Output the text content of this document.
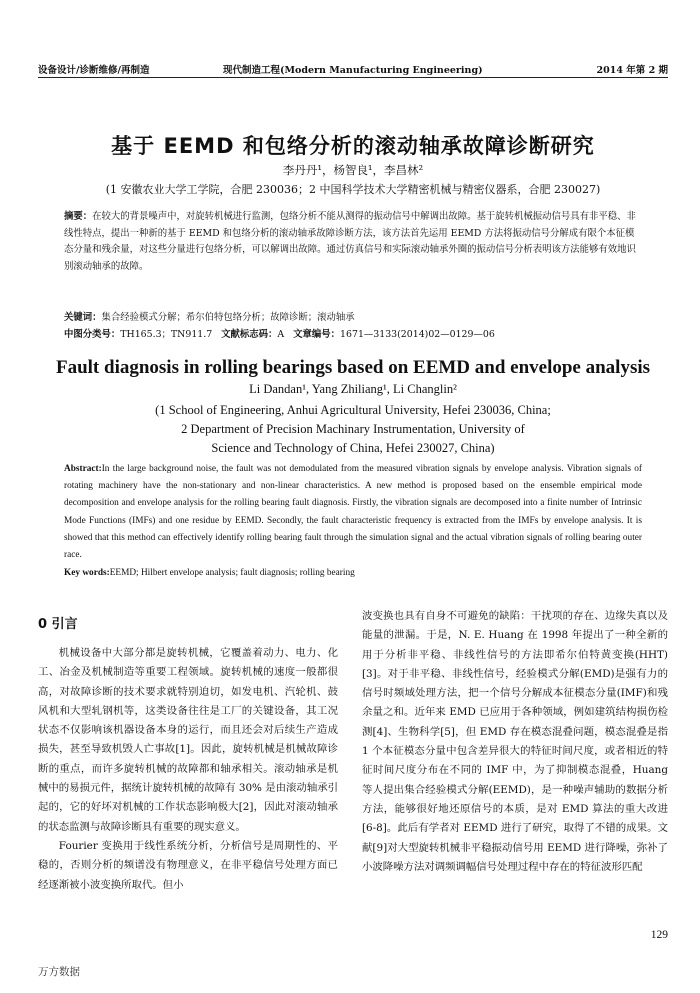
设备设计/诊断维修/再制造	现代制造工程(Modern Manufacturing Engineering)	2014 年第 2 期
基于 EEMD 和包络分析的滚动轴承故障诊断研究
李丹丹¹，杨智良¹，李昌林²
(1 安徽农业大学工学院，合肥 230036；2 中国科学技术大学精密机械与精密仪器系，合肥 230027)
摘要：在较大的背景噪声中，对旋转机械进行监测，包络分析不能从测得的振动信号中解调出故障。基于旋转机械振动信号具有非平稳、非线性特点，提出一种新的基于 EEMD 和包络分析的滚动轴承故障诊断方法，该方法首先运用 EEMD 方法将振动信号分解成有限个本征模态分量和残余量，对这些分量进行包络分析，可以解调出故障。通过仿真信号和实际滚动轴承外圈的振动信号分析表明该方法能够有效地识别滚动轴承的故障。
关键词：集合经验模式分解；希尔伯特包络分析；故障诊断；滚动轴承
中图分类号：TH165.3；TN911.7 文献标志码：A 文章编号：1671—3133(2014)02—0129—06
Fault diagnosis in rolling bearings based on EEMD and envelope analysis
Li Dandan¹, Yang Zhiliang¹, Li Changlin²
(1 School of Engineering, Anhui Agricultural University, Hefei 230036, China;
2 Department of Precision Machinary Instrumentation, University of
Science and Technology of China, Hefei 230027, China)
Abstract:In the large background noise, the fault was not demodulated from the measured vibration signals by envelope analysis. Vibration signals of rotating machinery have the non-stationary and non-linear characteristics. A new method is proposed based on the ensemble empirical mode decomposition and envelope analysis for the rolling bearing fault diagnosis. Firstly, the vibration signals are decomposed into a finite number of Intrinsic Mode Functions (IMFs) and one residue by EEMD. Secondly, the fault characteristic frequency is extracted from the IMFs by envelope analysis. It is showed that this method can effectively identify rolling bearing fault through the simulation signal and the actual vibration signals of rolling bearing outer race.
Key words:EEMD; Hilbert envelope analysis; fault diagnosis; rolling bearing
0 引言

机械设备中大部分都是旋转机械，它覆盖着动力、电力、化工、冶金及机械制造等重要工程领域。旋转机械的速度一般都很高，对故障诊断的技术要求就特别迫切，如发电机、汽轮机、鼓风机和大型轧钢机等，这类设备往往是工厂的关键设备，其工况状态不仅影响该机器设备本身的运行，而且还会对后续生产造成损失，甚至导致机毁人亡事故[1]。因此，旋转机械是机械故障诊断的重点，而许多旋转机械的故障都和轴承相关。滚动轴承是机械中的易损元件，据统计旋转机械的故障有 30% 是由滚动轴承引起的，它的好坏对机械的工作状态影响极大[2]，因此对滚动轴承的状态监测与故障诊断具有重要的现实意义。

Fourier 变换用于线性系统分析，分析信号是周期性的、平稳的，否则分析的频谱没有物理意义，在非平稳信号处理方面已经逐渐被小波变换所取代。但小

波变换也具有自身不可避免的缺陷：干扰项的存在、边缘失真以及能量的泄漏。于是，N. E. Huang 在 1998 年提出了一种全新的用于分析非平稳、非线性信号的方法即希尔伯特黄变换(HHT)[3]。对于非平稳、非线性信号，经验模式分解(EMD)是强有力的信号时频域处理方法，把一个信号分解成本征模态分量(IMF)和残余量之和。近年来 EMD 已应用于各种领域，例如建筑结构损伤检测[4]、生物科学[5]，但 EMD 存在模态混叠问题，模态混叠是指 1 个本征模态分量中包含差异很大的特征时间尺度，或者相近的特征时间尺度分布在不同的 IMF 中，为了抑制模态混叠，Huang 等人提出集合经验模式分解(EEMD)，是一种噪声辅助的数据分析方法，能够很好地还原信号的本质，是对 EMD 算法的重大改进[6-8]。此后有学者对 EEMD 进行了研究，取得了不错的成果。文献[9]对大型旋转机械非平稳振动信号用 EEMD 进行降噪，弥补了小波降噪方法对调频调幅信号处理过程中存在的特征波形匹配

129
万方数据
